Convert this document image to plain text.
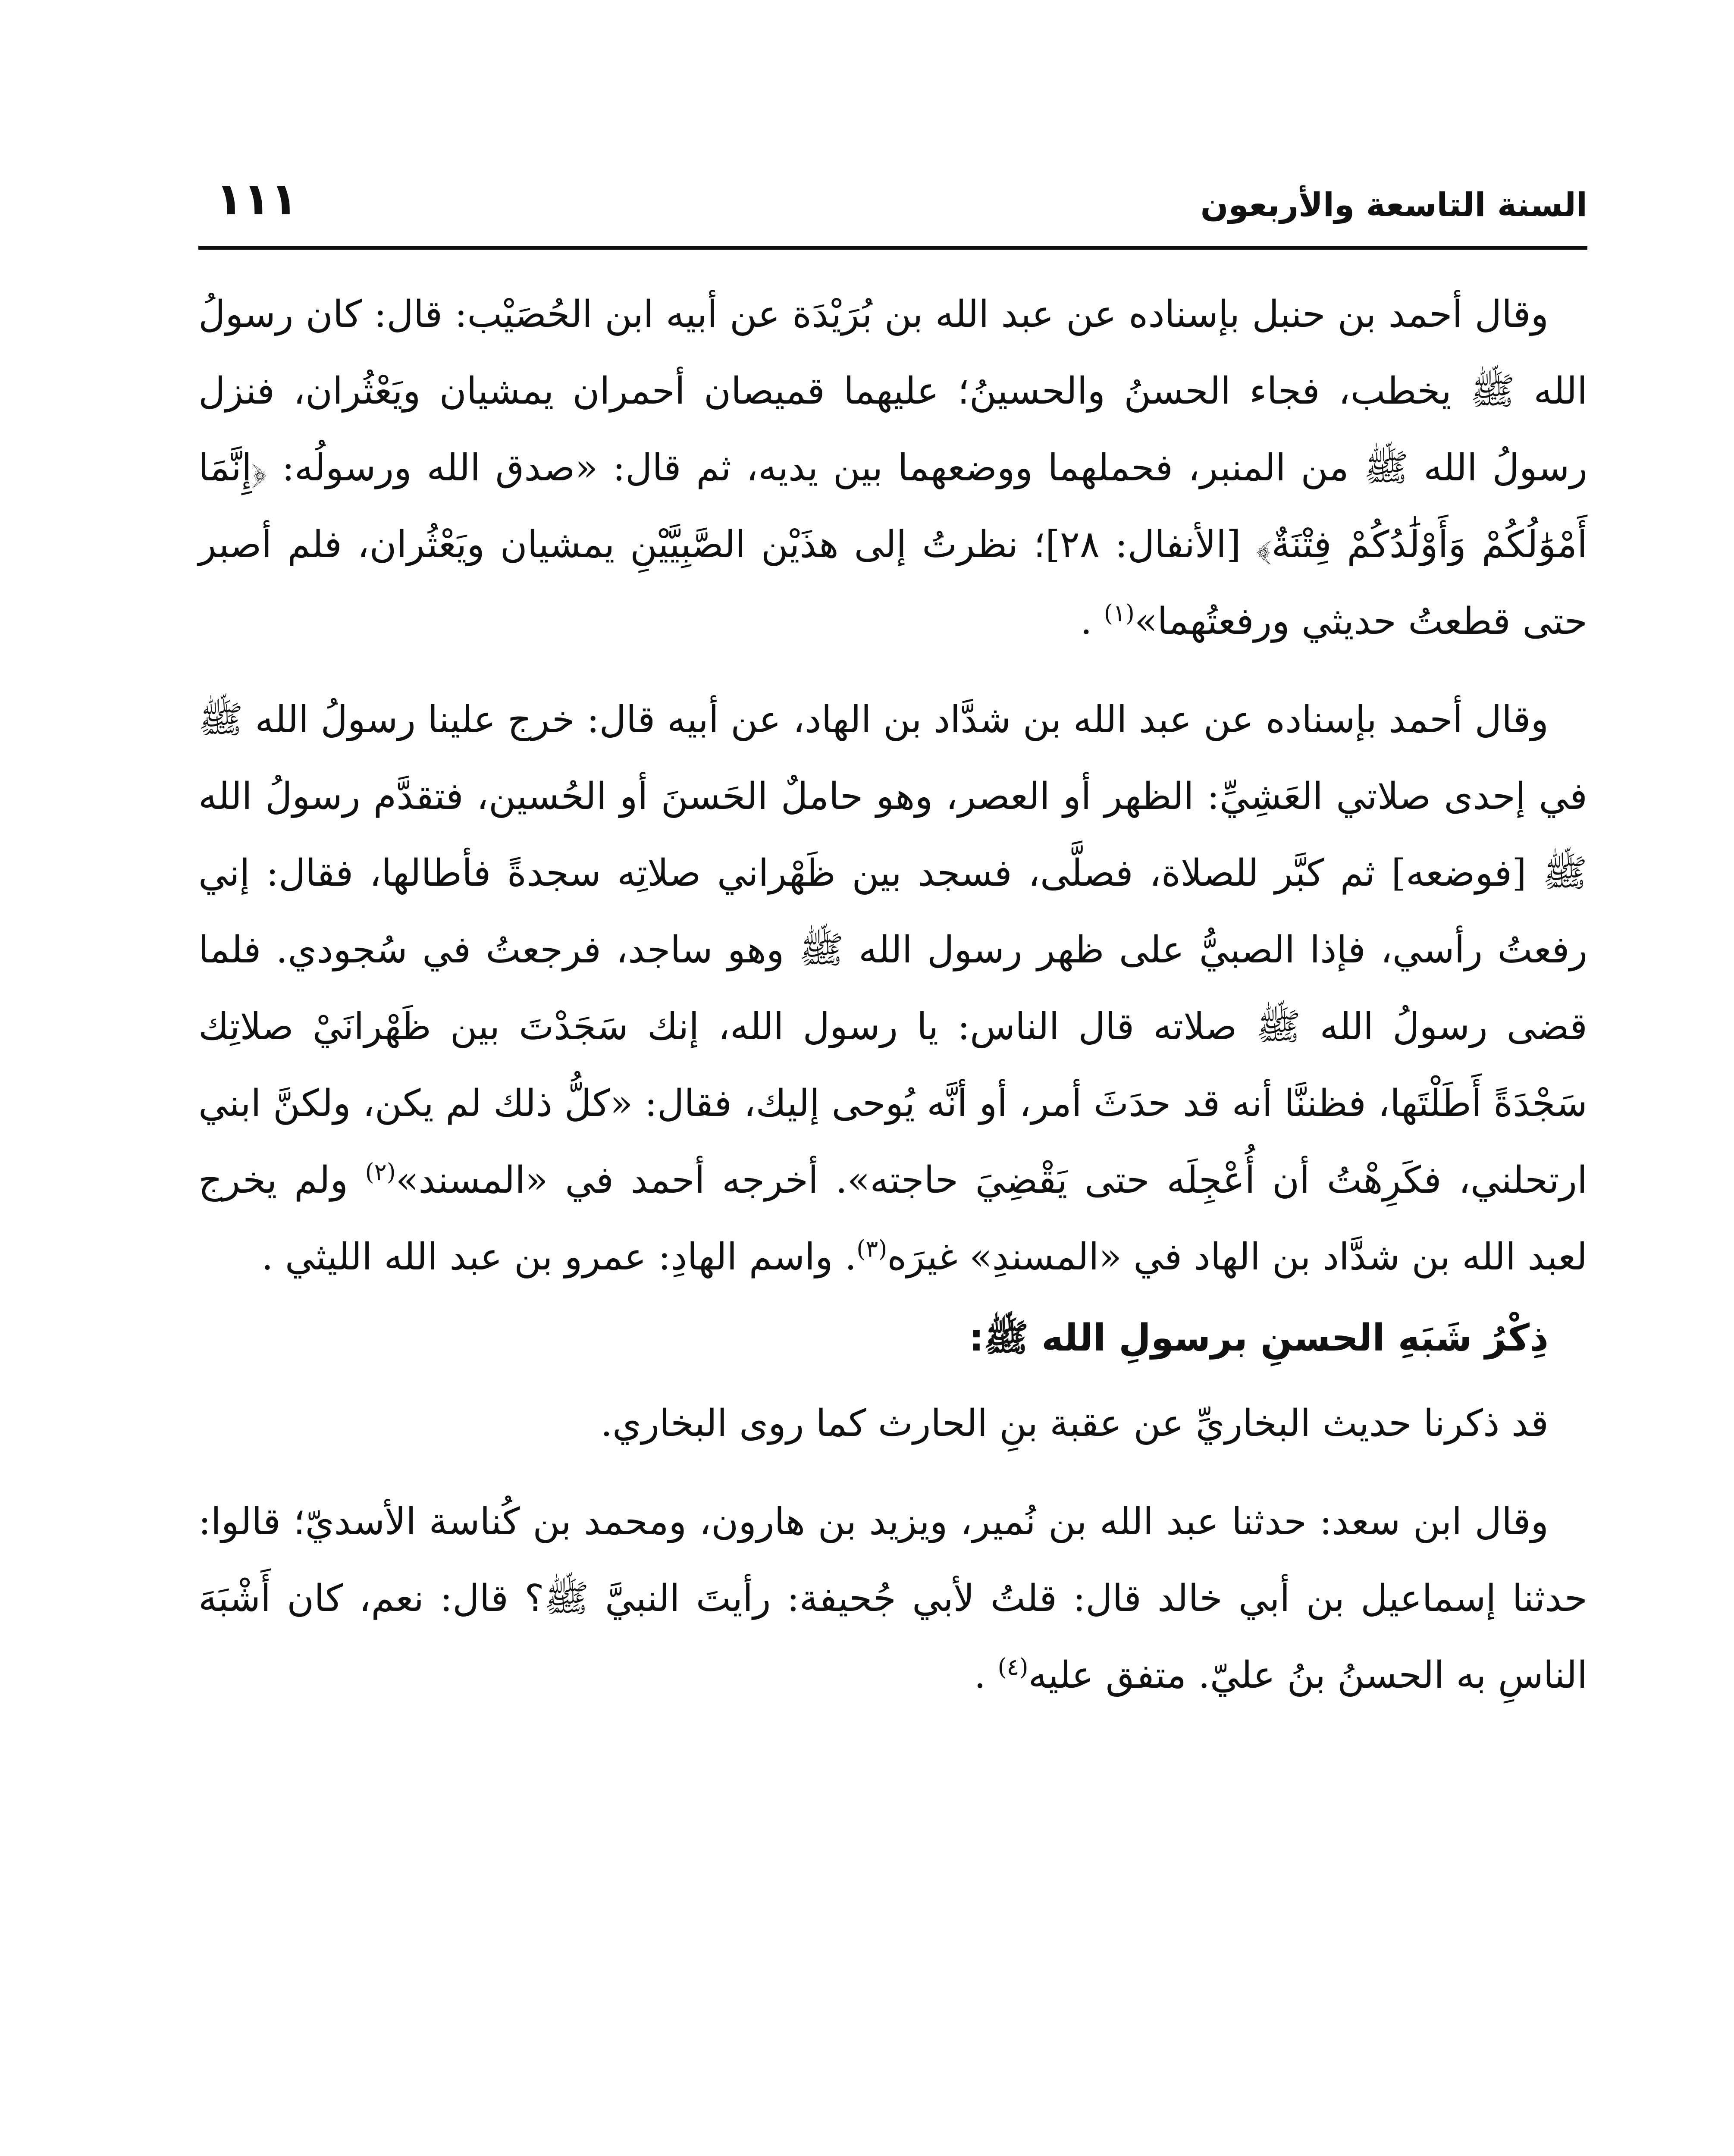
السنة التاسعة والأربعون
١١١

وقال أحمد بن حنبل بإسناده عن عبد الله بن بُرَيْدَة عن أبيه ابن الحُصَيْب: قال: كان رسولُ الله ﷺ يخطب، فجاء الحسنُ والحسينُ؛ عليهما قميصان أحمران يمشيان ويَعْثُران، فنزل رسولُ الله ﷺ من المنبر، فحملهما ووضعهما بين يديه، ثم قال: «صدق الله ورسولُه: ﴿إِنَّمَا أَمْوَٰلُكُمْ وَأَوْلَٰدُكُمْ فِتْنَةٌ﴾ [الأنفال: ٢٨]؛ نظرتُ إلى هذَيْن الصَّبِيَّيْنِ يمشيان ويَعْثُران، فلم أصبر حتى قطعتُ حديثي ورفعتُهما»$^{(١)}$ .

وقال أحمد بإسناده عن عبد الله بن شدَّاد بن الهاد، عن أبيه قال: خرج علينا رسولُ الله ﷺ في إحدى صلاتي العَشِيِّ: الظهر أو العصر، وهو حاملٌ الحَسنَ أو الحُسين، فتقدَّم رسولُ الله ﷺ [فوضعه] ثم كبَّر للصلاة، فصلَّى، فسجد بين ظَهْراني صلاتِه سجدةً فأطالها، فقال: إني رفعتُ رأسي، فإذا الصبيُّ على ظهر رسول الله ﷺ وهو ساجد، فرجعتُ في سُجودي. فلما قضى رسولُ الله ﷺ صلاته قال الناس: يا رسول الله، إنك سَجَدْتَ بين ظَهْرانَيْ صلاتِك سَجْدَةً أَطَلْتَها، فظننَّا أنه قد حدَثَ أمر، أو أنَّه يُوحى إليك، فقال: «كلُّ ذلك لم يكن، ولكنَّ ابني ارتحلني، فكَرِهْتُ أن أُعْجِلَه حتى يَقْضِيَ حاجته». أخرجه أحمد في «المسند»$^{(٢)}$ ولم يخرج لعبد الله بن شدَّاد بن الهاد في «المسندِ» غيرَه$^{(٣)}$. واسم الهادِ: عمرو بن عبد الله الليثي .

ذِكْرُ شَبَهِ الحسنِ برسولِ الله ﷺ:

قد ذكرنا حديث البخاريِّ عن عقبة بنِ الحارث كما روى البخاري.

وقال ابن سعد: حدثنا عبد الله بن نُمير، ويزيد بن هارون، ومحمد بن كُناسة الأسديّ؛ قالوا: حدثنا إسماعيل بن أبي خالد قال: قلتُ لأبي جُحيفة: رأيتَ النبيَّ ﷺ؟ قال: نعم، كان أَشْبَهَ الناسِ به الحسنُ بنُ عليّ. متفق عليه$^{(٤)}$ .
